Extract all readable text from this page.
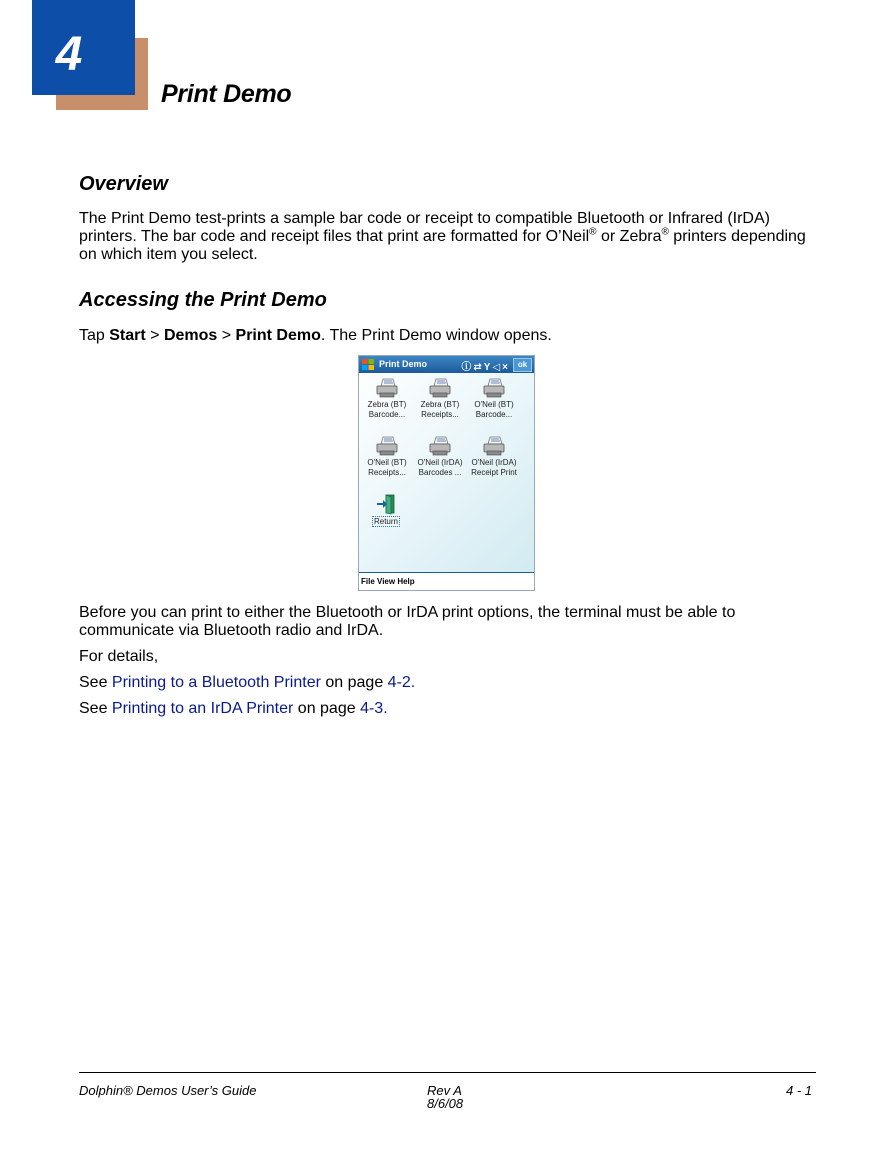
4
Print Demo
Overview

The Print Demo test-prints a sample bar code or receipt to compatible Bluetooth or Infrared (IrDA) printers. The bar code and receipt files that print are formatted for O’Neil® or Zebra® printers depending on which item you select.

Accessing the Print Demo

Tap Start > Demos > Print Demo. The Print Demo window opens.

Print Demo	ⓘ⇄Y◁× ok
Zebra (BT)
Barcode...
Zebra (BT)
Receipts...
O'Neil (BT)
Barcode...
O'Neil (BT)
Receipts...
O'Neil (IrDA)
Barcodes ...
O'Neil (IrDA)
Receipt Print
Return
File View Help

Before you can print to either the Bluetooth or IrDA print options, the terminal must be able to communicate via Bluetooth radio and IrDA.

For details,

See Printing to a Bluetooth Printer on page 4-2.

See Printing to an IrDA Printer on page 4-3.

Dolphin® Demos User’s Guide	Rev A
8/6/08
4 - 1
